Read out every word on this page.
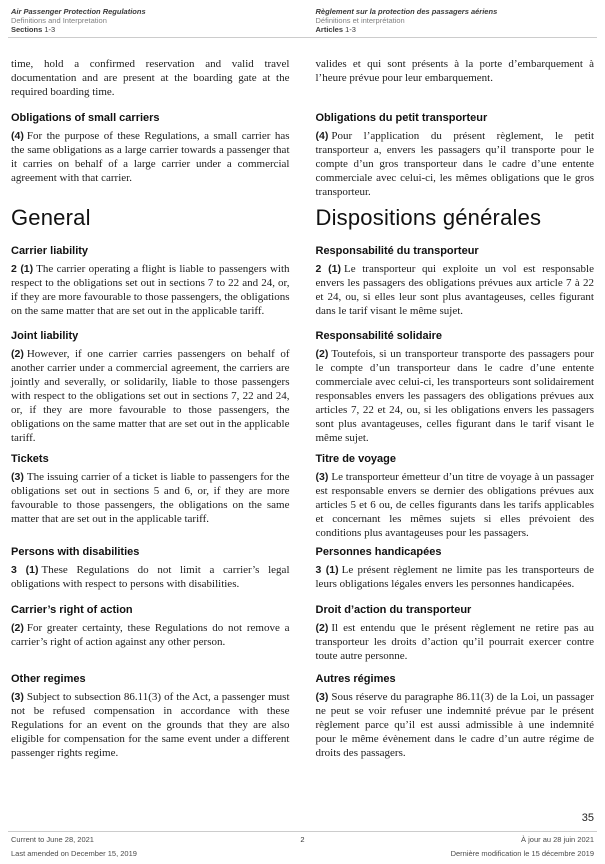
Air Passenger Protection Regulations
Definitions and Interpretation
Sections 1-3
Règlement sur la protection des passagers aériens
Définitions et interprétation
Articles 1-3

time, hold a confirmed reservation and valid travel documentation and are present at the boarding gate at the required boarding time.

valides et qui sont présents à la porte d’embarquement à l’heure prévue pour leur embarquement.

Obligations of small carriers

(4) For the purpose of these Regulations, a small carrier has the same obligations as a large carrier towards a passenger that it carries on behalf of a large carrier under a commercial agreement with that carrier.

Obligations du petit transporteur

(4) Pour l’application du présent règlement, le petit transporteur a, envers les passagers qu’il transporte pour le compte d’un gros transporteur dans le cadre d’une entente commerciale avec celui-ci, les mêmes obligations que le gros transporteur.

General	Dispositions générales
Carrier liability

2 (1) The carrier operating a flight is liable to passengers with respect to the obligations set out in sections 7 to 22 and 24, or, if they are more favourable to those passengers, the obligations on the same matter that are set out in the applicable tariff.

Responsabilité du transporteur

2 (1) Le transporteur qui exploite un vol est responsable envers les passagers des obligations prévues aux article 7 à 22 et 24, ou, si elles leur sont plus avantageuses, celles figurant dans le tarif visant le même sujet.

Joint liability

(2) However, if one carrier carries passengers on behalf of another carrier under a commercial agreement, the carriers are jointly and severally, or solidarily, liable to those passengers with respect to the obligations set out in sections 7, 22 and 24, or, if they are more favourable to those passengers, the obligations on the same matter that are set out in the applicable tariff.

Responsabilité solidaire

(2) Toutefois, si un transporteur transporte des passagers pour le compte d’un transporteur dans le cadre d’une entente commerciale avec celui-ci, les transporteurs sont solidairement responsables envers les passagers des obligations prévues aux articles 7, 22 et 24, ou, si les obligations envers les passagers sont plus avantageuses, celles figurant dans le tarif visant le même sujet.

Tickets

(3) The issuing carrier of a ticket is liable to passengers for the obligations set out in sections 5 and 6, or, if they are more favourable to those passengers, the obligations on the same matter that are set out in the applicable tariff.

Titre de voyage

(3) Le transporteur émetteur d’un titre de voyage à un passager est responsable envers se dernier des obligations prévues aux articles 5 et 6 ou, de celles figurants dans les tarifs applicables et concernant les mêmes sujets si elles prévoient des conditions plus avantageuses pour les passagers.

Persons with disabilities

3 (1) These Regulations do not limit a carrier’s legal obligations with respect to persons with disabilities.

Personnes handicapées

3 (1) Le présent règlement ne limite pas les transporteurs de leurs obligations légales envers les personnes handicapées.

Carrier’s right of action

(2) For greater certainty, these Regulations do not remove a carrier’s right of action against any other person.

Droit d’action du transporteur

(2) Il est entendu que le présent règlement ne retire pas au transporteur les droits d’action qu’il pourrait exercer contre toute autre personne.

Other regimes

(3) Subject to subsection 86.11(3) of the Act, a passenger must not be refused compensation in accordance with these Regulations for an event on the grounds that they are also eligible for compensation for the same event under a different passenger rights regime.

Autres régimes

(3) Sous réserve du paragraphe 86.11(3) de la Loi, un passager ne peut se voir refuser une indemnité prévue par le présent règlement parce qu’il est aussi admissible à une indemnité pour le même évènement dans le cadre d’un autre régime de droits des passagers.

35
Current to June 28, 2021	2	À jour au 28 juin 2021
Last amended on December 15, 2019	Dernière modification le 15 décembre 2019
